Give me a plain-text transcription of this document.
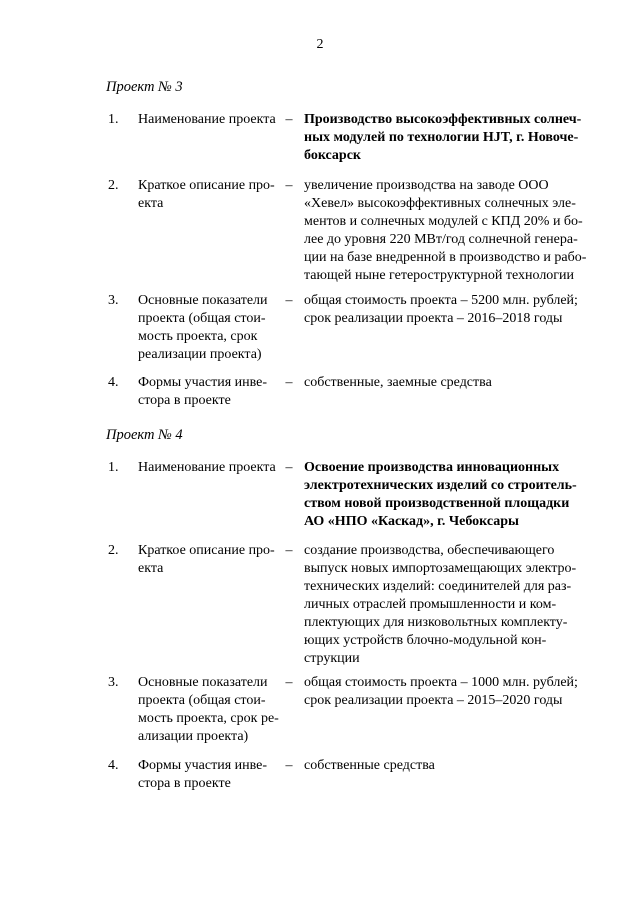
2
Проект № 3
1.	Наименование проекта – Производство высокоэффективных солнеч-
ных модулей по технологии HJT, г. Новоче-
боксарск
2.	Краткое описание про-
екта
– увеличение производства на заводе ООО
«Хевел» высокоэффективных солнечных эле-
ментов и солнечных модулей с КПД 20% и бо-
лее до уровня 220 МВт/год солнечной генера-
ции на базе внедренной в производство и рабо-
тающей ныне гетероструктурной технологии
3.	Основные показатели
проекта (общая стои-
мость проекта, срок
реализации проекта)
– общая стоимость проекта – 5200 млн. рублей;
срок реализации проекта – 2016–2018 годы
4.	Формы участия инве-
стора в проекте
– собственные, заемные средства
Проект № 4
1.	Наименование проекта – Освоение производства инновационных
электротехнических изделий со строитель-
ством новой производственной площадки
АО «НПО «Каскад», г. Чебоксары
2.	Краткое описание про-
екта
– создание производства, обеспечивающего
выпуск новых импортозамещающих электро-
технических изделий: соединителей для раз-
личных отраслей промышленности и ком-
плектующих для низковольтных комплекту-
ющих устройств блочно-модульной кон-
струкции
3.	Основные показатели
проекта (общая стои-
мость проекта, срок ре-
ализации проекта)
– общая стоимость проекта – 1000 млн. рублей;
срок реализации проекта – 2015–2020 годы
4.	Формы участия инве-
стора в проекте
– собственные средства
